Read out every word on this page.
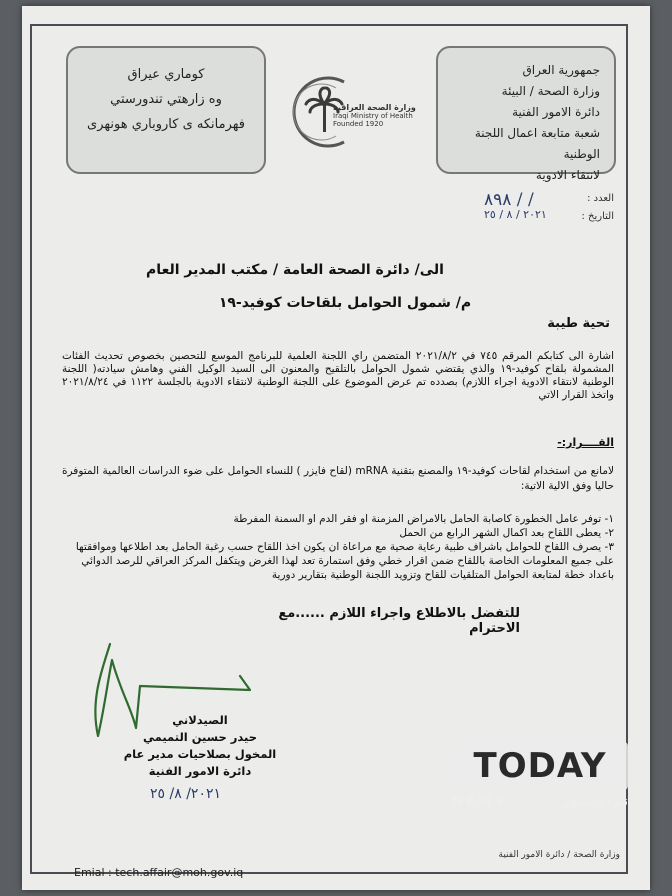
جمهورية العراق
وزارة الصحة / البيئة
دائرة الامور الفنية
شعبة متابعة اعمال اللجنة الوطنية
لانتقاء الادوية
كوماري عيراق
وه زارهتي تندورستي
فهرمانكه ى كاروباري هونهرى
وزارة الصحة العراقية
Iraqi Ministry of Health
Founded 1920
العدد :
التاريخ :
٨٩٨ / /
٢٠٢١ / ٨ / ٢٥
الى/ دائرة الصحة العامة / مكتب المدير العام
م/ شمول الحوامل بلقاحات كوفيد-١٩
تحية طيبة
اشارة الى كتابكم المرقم ٧٤٥ في ٢٠٢١/٨/٢ المتضمن راي اللجنة العلمية للبرنامج الموسع للتحصين بخصوص تحديث الفئات المشمولة بلقاح كوفيد-١٩ والذي يقتضي شمول الحوامل بالتلقيح والمعنون الى السيد الوكيل الفني وهامش سيادته( اللجنة الوطنية لانتقاء الادوية اجراء اللازم) بصدده تم عرض الموضوع على اللجنة الوطنية لانتقاء الادوية بالجلسة ١١٢٢ في ٢٠٢١/٨/٢٤ واتخذ القرار الاتي
القــــرار:-
لامانع من استخدام لقاحات كوفيد-١٩ والمصنع بتقنية mRNA (لقاح فايزر ) للنساء الحوامل على ضوء الدراسات العالمية المتوفرة حاليا وفق الالية الاتية:
١- توفر عامل الخطورة كاصابة الحامل بالامراض المزمنة او فقر الدم او السمنة المفرطة
٢- يعطى اللقاح بعد اكمال الشهر الرابع من الحمل
٣- يصرف اللقاح للحوامل باشراف طبية رعاية صحية مع مراعاة ان يكون اخذ اللقاح حسب رغبة الحامل بعد اطلاعها وموافقتها على جميع المعلومات الخاصة باللقاح ضمن اقرار خطي وفق استمارة تعد لهذا الغرض ويتكفل المركز العراقي للرصد الدوائي باعداد خطة لمتابعة الحوامل المتلقيات للقاح وتزويد اللجنة الوطنية بتقارير دورية
للتفضل بالاطلاع واجراء اللازم ......مع الاحترام
الصيدلاني
حيدر حسين التميمي
المخول بصلاحيات مدير عام
دائرة الامور الفنية
٢٠٢١/ ٨/ ٢٥
TODAY
NEWS	تـودي نيـوز
وزارة الصحة / دائرة الامور الفنية
Emial : tech.affair@moh.gov.iq
